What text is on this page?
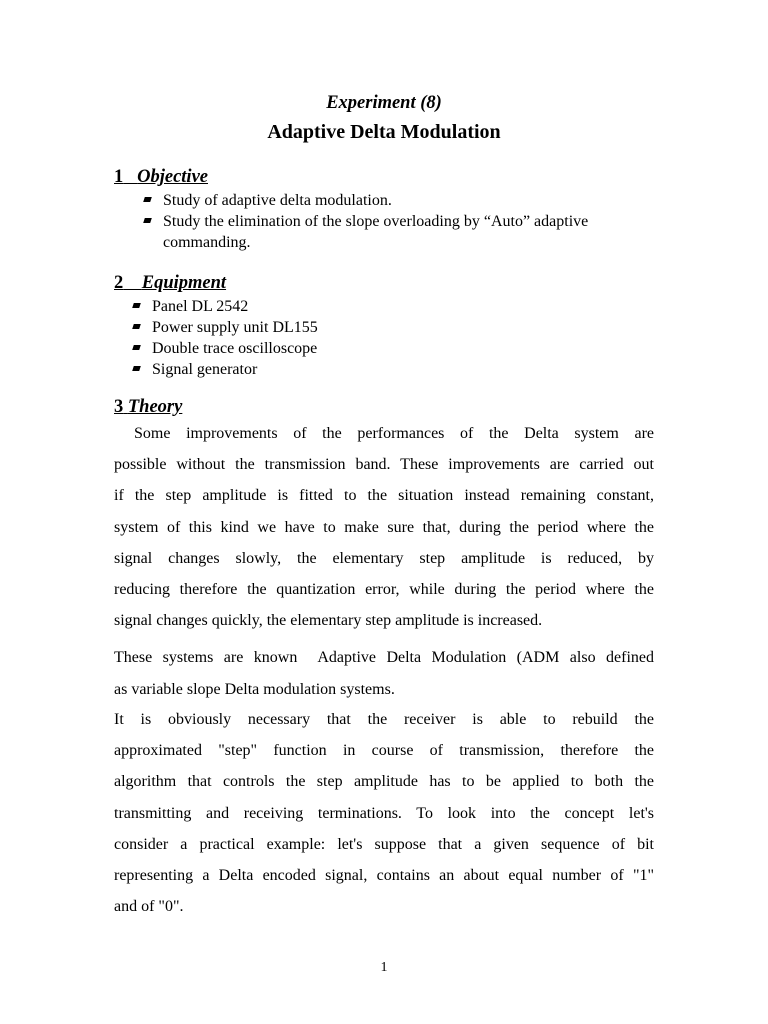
Experiment (8)
Adaptive Delta Modulation
1 Objective
Study of adaptive delta modulation.
Study the elimination of the slope overloading by “Auto” adaptive
commanding.
2 Equipment
Panel DL 2542
Power supply unit DL155
Double trace oscilloscope
Signal generator
3 Theory
Some improvements of the performances of the Delta system are
possible without the transmission band. These improvements are carried out
if the step amplitude is fitted to the situation instead remaining constant,
system of this kind we have to make sure that, during the period where the
signal changes slowly, the elementary step amplitude is reduced, by
reducing therefore the quantization error, while during the period where the
signal changes quickly, the elementary step amplitude is increased.
These systems are known  Adaptive Delta Modulation (ADM also defined
as variable slope Delta modulation systems.
It is obviously necessary that the receiver is able to rebuild the
approximated "step" function in course of transmission, therefore the
algorithm that controls the step amplitude has to be applied to both the
transmitting and receiving terminations. To look into the concept let's
consider a practical example: let's suppose that a given sequence of bit
representing a Delta encoded signal, contains an about equal number of "1"
and of "0".
1
